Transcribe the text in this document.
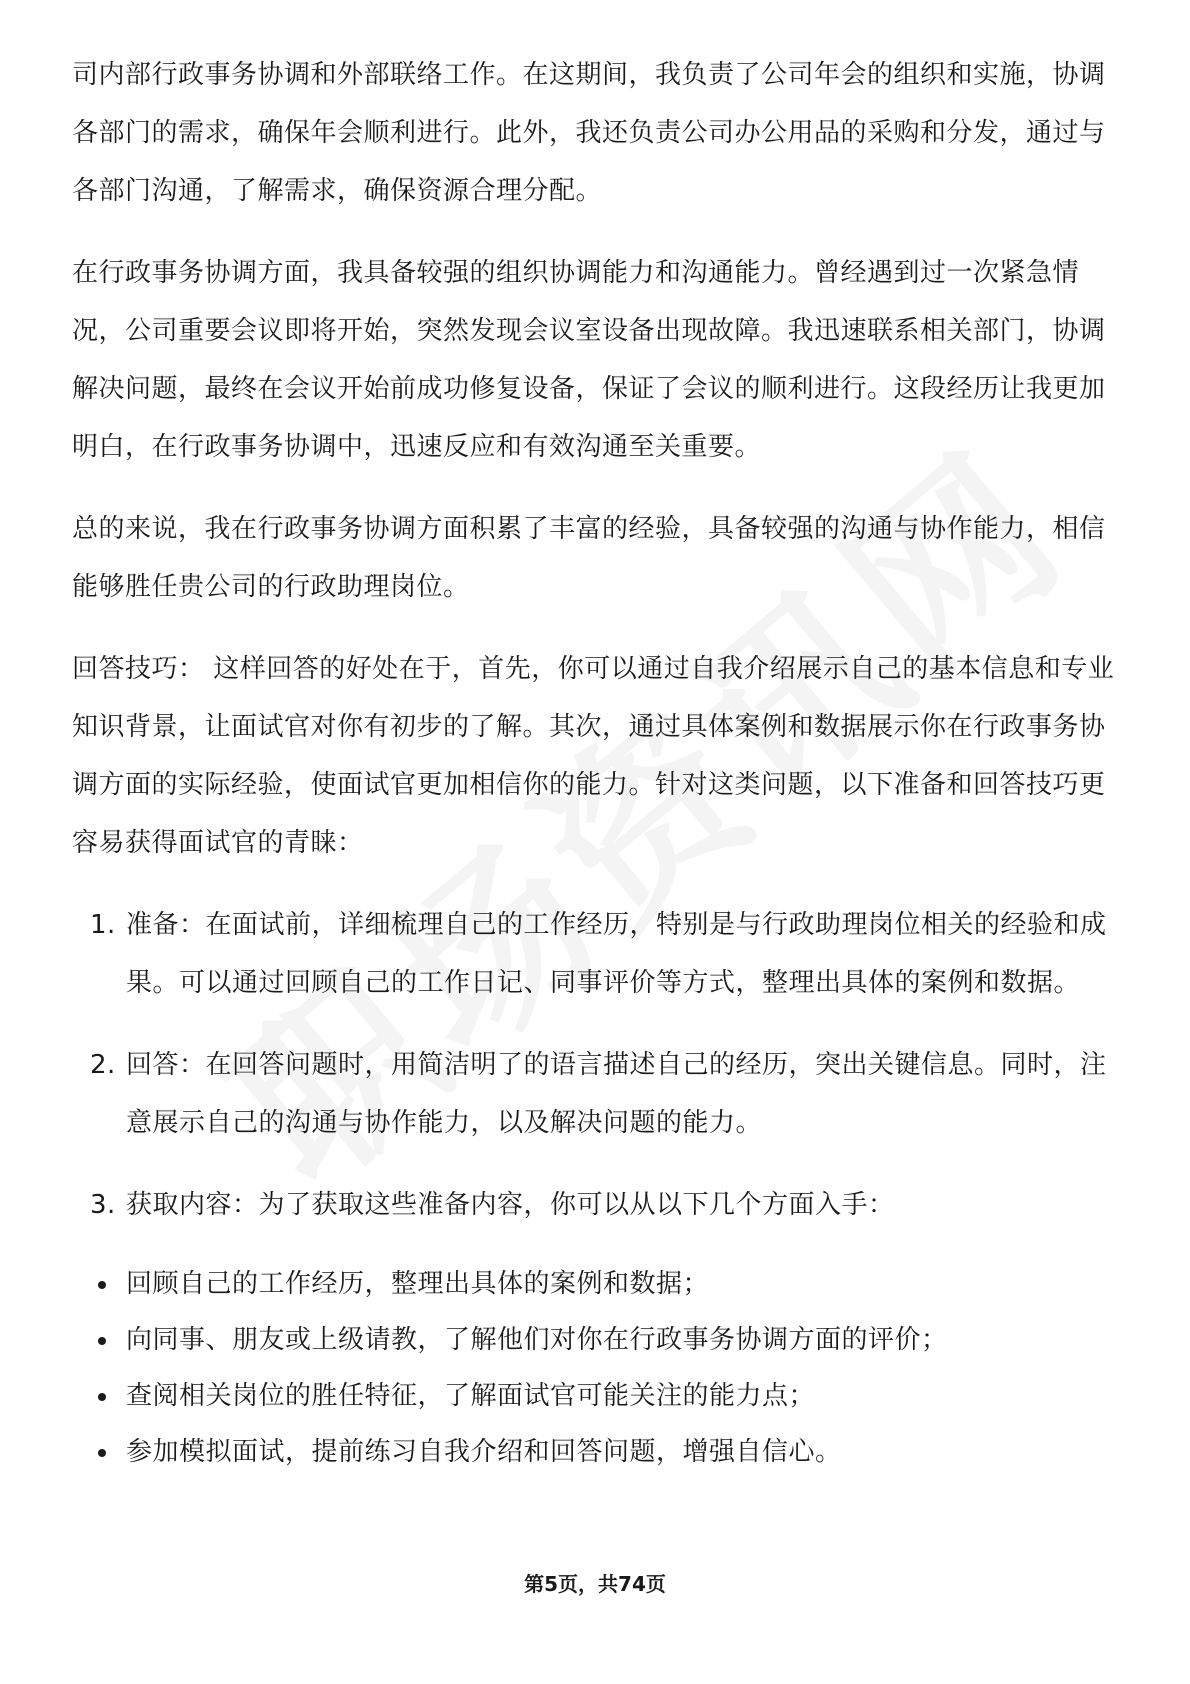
司内部行政事务协调和外部联络工作。在这期间，我负责了公司年会的组织和实施，协调各部门的需求，确保年会顺利进行。此外，我还负责公司办公用品的采购和分发，通过与各部门沟通，了解需求，确保资源合理分配。

在行政事务协调方面，我具备较强的组织协调能力和沟通能力。曾经遇到过一次紧急情况，公司重要会议即将开始，突然发现会议室设备出现故障。我迅速联系相关部门，协调解决问题，最终在会议开始前成功修复设备，保证了会议的顺利进行。这段经历让我更加明白，在行政事务协调中，迅速反应和有效沟通至关重要。

总的来说，我在行政事务协调方面积累了丰富的经验，具备较强的沟通与协作能力，相信能够胜任贵公司的行政助理岗位。

回答技巧： 这样回答的好处在于，首先，你可以通过自我介绍展示自己的基本信息和专业知识背景，让面试官对你有初步的了解。其次，通过具体案例和数据展示你在行政事务协调方面的实际经验，使面试官更加相信你的能力。针对这类问题，以下准备和回答技巧更容易获得面试官的青睐：

1. 准备：在面试前，详细梳理自己的工作经历，特别是与行政助理岗位相关的经验和成果。可以通过回顾自己的工作日记、同事评价等方式，整理出具体的案例和数据。
2. 回答：在回答问题时，用简洁明了的语言描述自己的经历，突出关键信息。同时，注意展示自己的沟通与协作能力，以及解决问题的能力。
3. 获取内容：为了获取这些准备内容，你可以从以下几个方面入手：
回顾自己的工作经历，整理出具体的案例和数据；
向同事、朋友或上级请教，了解他们对你在行政事务协调方面的评价；
查阅相关岗位的胜任特征，了解面试官可能关注的能力点；
参加模拟面试，提前练习自我介绍和回答问题，增强自信心。
第5页，共74页
